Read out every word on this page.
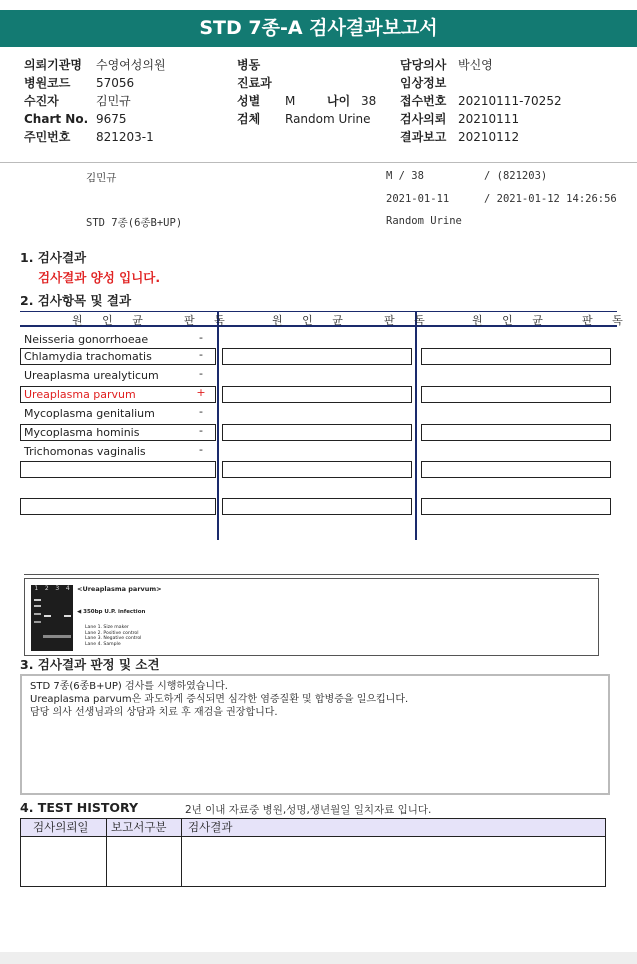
STD 7종-A 검사결과보고서
의뢰기관명 수영여성의원
병원코드 57056
수진자	김민규
Chart No. 9675
주민번호 821203-1
병동
진료과
성별 M	나이 38
검체 Random Urine
담당의사 박신영
임상정보
접수번호 20210111-70252
검사의뢰 20210111
결과보고 20210112
김민규	M / 38	/ (821203)
2021-01-11	/ 2021-01-12 14:26:56
STD 7종(6종B+UP)	Random Urine
1. 검사결과
검사결과 양성 입니다.
2. 검사항목 및 결과
원 인 균	판 독	원 인 균	판 독	원 인 균	판 독
Neisseria gonorrhoeae	-
Chlamydia trachomatis	-
Ureaplasma urealyticum	-
Ureaplasma parvum	+
Mycoplasma genitalium	-
Mycoplasma hominis	-
Trichomonas vaginalis	-
1 2 3 4 <Ureaplasma parvum>
◀ 350bp U.P. infection
Lane 1. Size maker
Lane 2. Positive control
Lane 3. Negative control
Lane 4. Sample
3. 검사결과 판정 및 소견
STD 7종(6종B+UP) 검사를 시행하였습니다.
Ureaplasma parvum은 과도하게 증식되면 심각한 염증질환 및 합병증을 일으킵니다.
담당 의사 선생님과의 상담과 치료 후 재검을 권장합니다.
4. TEST HISTORY	2년 이내 자료중 병원,성명,생년월일 일치자료 입니다.
검사의뢰일	보고서구분	검사결과
